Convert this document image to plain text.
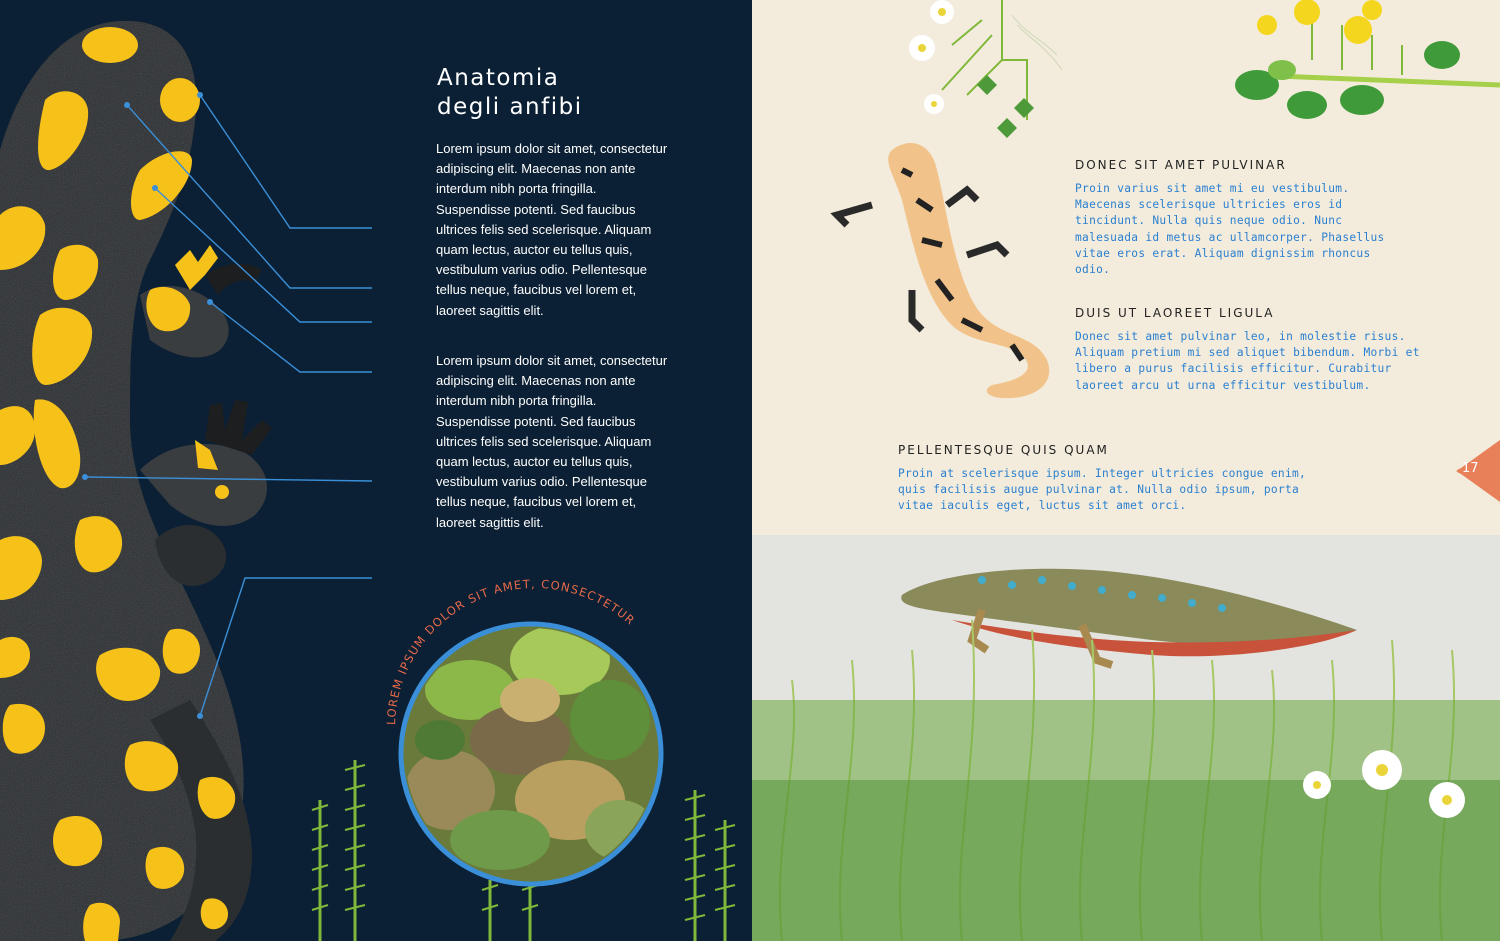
LOREM IPSUM DOLOR SIT AMET, CONSECTETUR
Anatomia
degli anfibi

Lorem ipsum dolor sit amet, consectetur adipiscing elit. Maecenas non ante interdum nibh porta fringilla. Suspendisse potenti. Sed faucibus ultrices felis sed scelerisque. Aliquam quam lectus, auctor eu tellus quis, vestibulum varius odio. Pellentesque tellus neque, faucibus vel lorem et, laoreet sagittis elit.

Lorem ipsum dolor sit amet, consectetur adipiscing elit. Maecenas non ante interdum nibh porta fringilla. Suspendisse potenti. Sed faucibus ultrices felis sed scelerisque. Aliquam quam lectus, auctor eu tellus quis, vestibulum varius odio. Pellentesque tellus neque, faucibus vel lorem et, laoreet sagittis elit.

DONEC SIT AMET PULVINAR

Proin varius sit amet mi eu vestibulum. Maecenas scelerisque ultricies eros id tincidunt. Nulla quis neque odio. Nunc malesuada id metus ac ullamcorper. Phasellus vitae eros erat. Aliquam dignissim rhoncus odio.

DUIS UT LAOREET LIGULA

Donec sit amet pulvinar leo, in molestie risus. Aliquam pretium mi sed aliquet bibendum. Morbi et libero a purus facilisis efficitur. Curabitur laoreet arcu ut urna efficitur vestibulum.

PELLENTESQUE QUIS QUAM

Proin at scelerisque ipsum. Integer ultricies congue enim, quis facilisis augue pulvinar at. Nulla odio ipsum, porta vitae iaculis eget, luctus sit amet orci.

17
